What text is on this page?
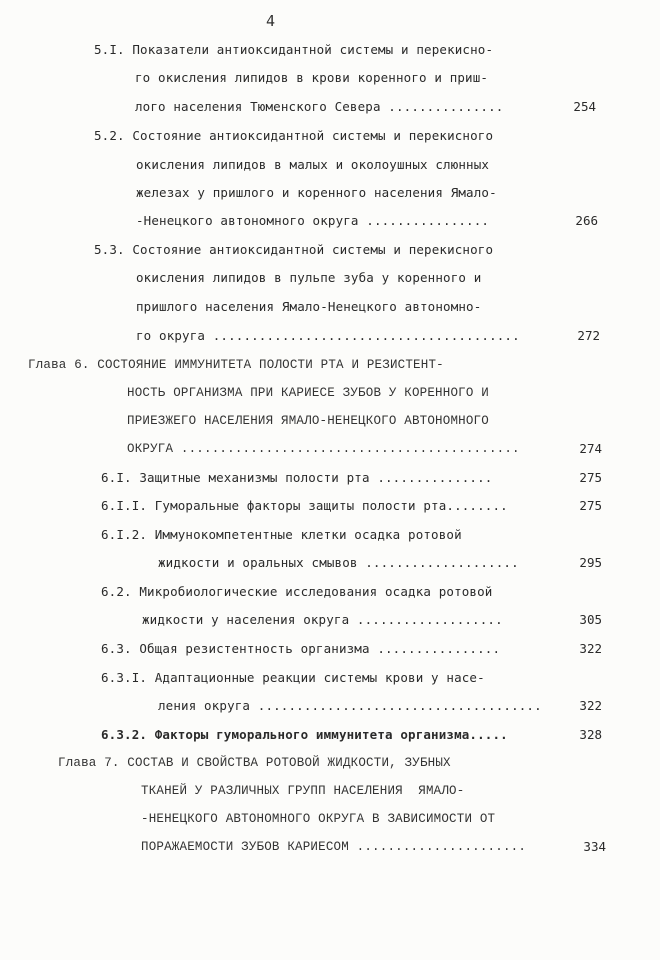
4
5.I. Показатели антиоксидантной системы и перекисно-
го окисления липидов в крови коренного и приш-
лого населения Тюменского Севера ...............	254
5.2. Состояние антиоксидантной системы и перекисного
окисления липидов в малых и околоушных слюнных
железах у пришлого и коренного населения Ямало-
-Ненецкого автономного округа ................	266
5.3. Состояние антиоксидантной системы и перекисного
окисления липидов в пульпе зуба у коренного и
пришлого населения Ямало-Ненецкого автономно-
го округа ........................................	272
Глава 6. СОСТОЯНИЕ ИММУНИТЕТА ПОЛОСТИ РТА И РЕЗИСТЕНТ-
НОСТЬ ОРГАНИЗМА ПРИ КАРИЕСЕ ЗУБОВ У КОРЕННОГО И
ПРИЕЗЖЕГО НАСЕЛЕНИЯ ЯМАЛО-НЕНЕЦКОГО АВТОНОМНОГО
ОКРУГА ............................................	274
6.I. Защитные механизмы полости рта ...............	275
6.I.I. Гуморальные факторы защиты полости рта........	275
6.I.2. Иммунокомпетентные клетки осадка ротовой
жидкости и оральных смывов ....................	295
6.2. Микробиологические исследования осадка ротовой
жидкости у населения округа ...................	305
6.3. Общая резистентность организма ................	322
6.3.I. Адаптационные реакции системы крови у насе-
ления округа .....................................	322
6.3.2. Факторы гуморального иммунитета организма.....	328
Глава 7. СОСТАВ И СВОЙСТВА РОТОВОЙ ЖИДКОСТИ, ЗУБНЫХ
ТКАНЕЙ У РАЗЛИЧНЫХ ГРУПП НАСЕЛЕНИЯ  ЯМАЛО-
-НЕНЕЦКОГО АВТОНОМНОГО ОКРУГА В ЗАВИСИМОСТИ ОТ
ПОРАЖАЕМОСТИ ЗУБОВ КАРИЕСОМ ......................	334
